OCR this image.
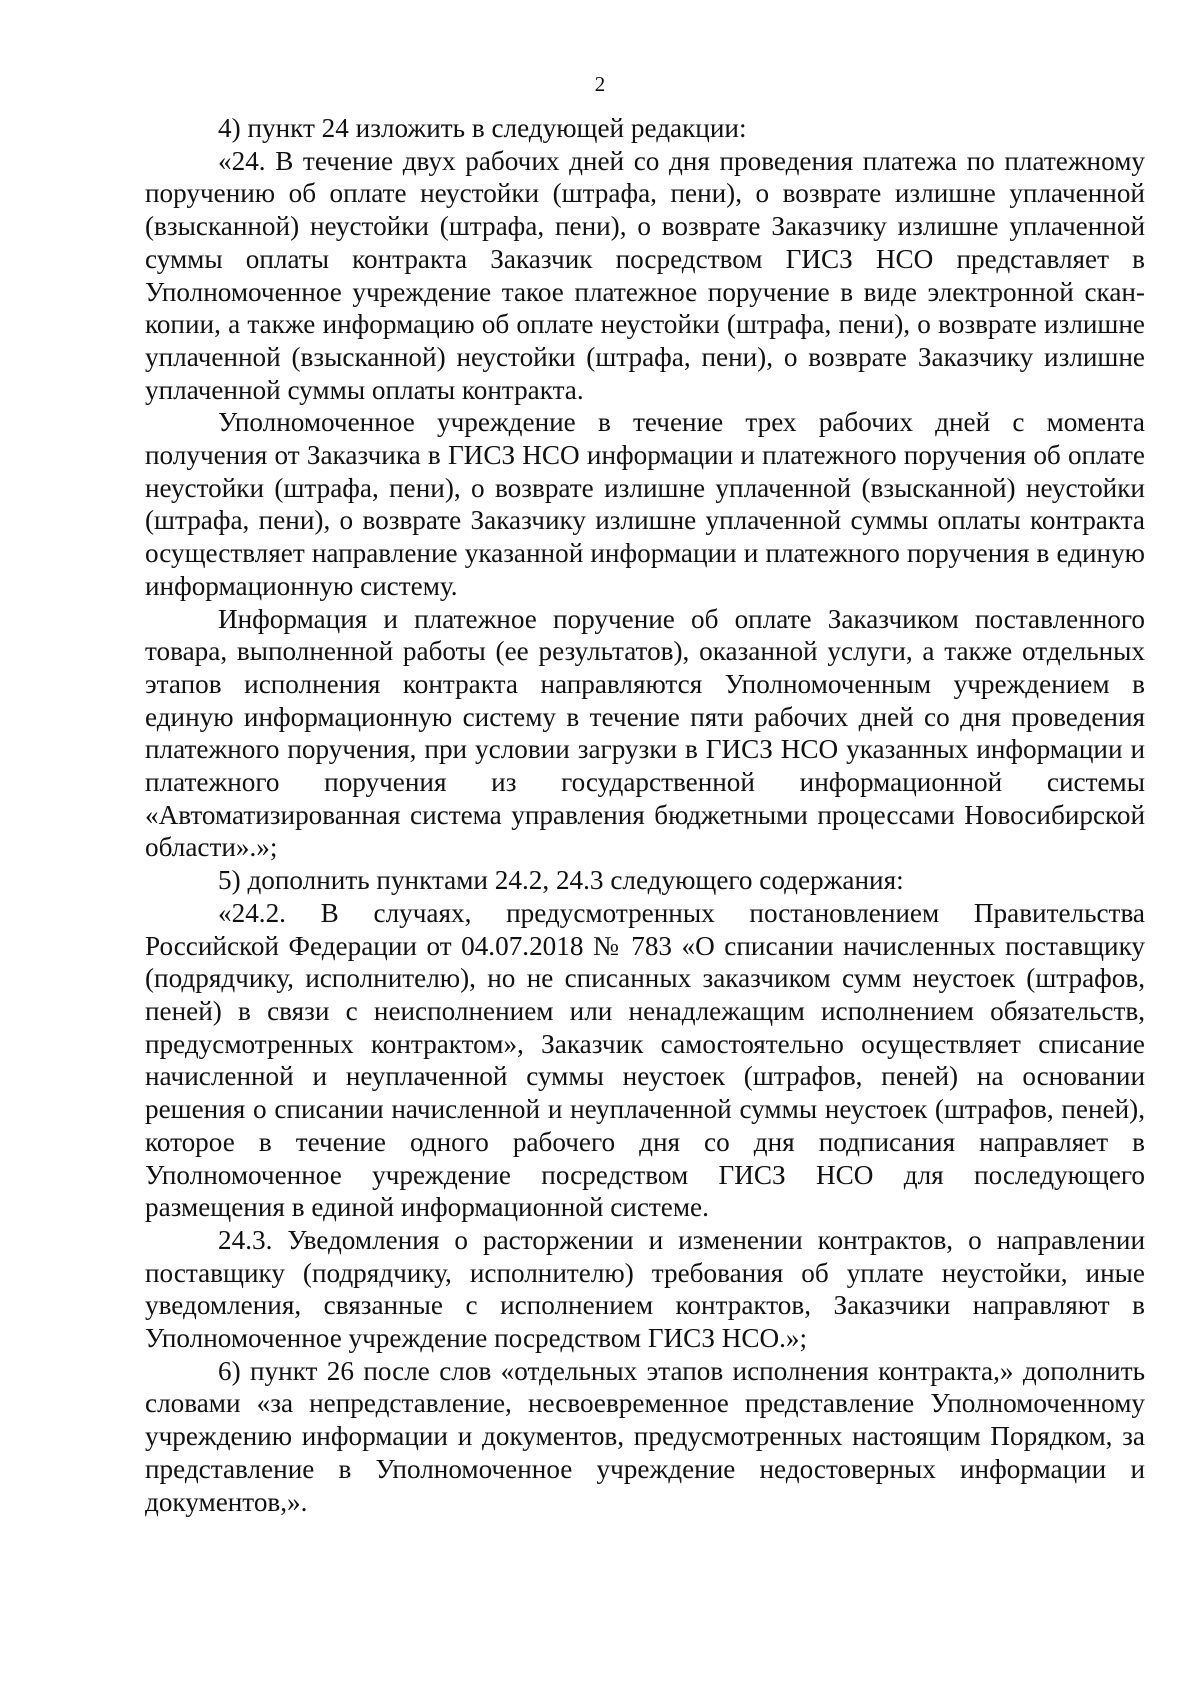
2

4) пункт 24 изложить в следующей редакции:

«24. В течение двух рабочих дней со дня проведения платежа по платежному поручению об оплате неустойки (штрафа, пени), о возврате излишне уплаченной (взысканной) неустойки (штрафа, пени), о возврате Заказчику излишне уплаченной суммы оплаты контракта Заказчик посредством ГИСЗ НСО представляет в Уполномоченное учреждение такое платежное поручение в виде электронной скан-копии, а также информацию об оплате неустойки (штрафа, пени), о возврате излишне уплаченной (взысканной) неустойки (штрафа, пени), о возврате Заказчику излишне уплаченной суммы оплаты контракта.

Уполномоченное учреждение в течение трех рабочих дней с момента получения от Заказчика в ГИСЗ НСО информации и платежного поручения об оплате неустойки (штрафа, пени), о возврате излишне уплаченной (взысканной) неустойки (штрафа, пени), о возврате Заказчику излишне уплаченной суммы оплаты контракта осуществляет направление указанной информации и платежного поручения в единую информационную систему.

Информация и платежное поручение об оплате Заказчиком поставленного товара, выполненной работы (ее результатов), оказанной услуги, а также отдельных этапов исполнения контракта направляются Уполномоченным учреждением в единую информационную систему в течение пяти рабочих дней со дня проведения платежного поручения, при условии загрузки в ГИСЗ НСО указанных информации и платежного поручения из государственной информационной системы «Автоматизированная система управления бюджетными процессами Новосибирской области».»;

5) дополнить пунктами 24.2, 24.3 следующего содержания:

«24.2. В случаях, предусмотренных постановлением Правительства Российской Федерации от 04.07.2018 № 783 «О списании начисленных поставщику (подрядчику, исполнителю), но не списанных заказчиком сумм неустоек (штрафов, пеней) в связи с неисполнением или ненадлежащим исполнением обязательств, предусмотренных контрактом», Заказчик самостоятельно осуществляет списание начисленной и неуплаченной суммы неустоек (штрафов, пеней) на основании решения о списании начисленной и неуплаченной суммы неустоек (штрафов, пеней), которое в течение одного рабочего дня со дня подписания направляет в Уполномоченное учреждение посредством ГИСЗ НСО для последующего размещения в единой информационной системе.

24.3. Уведомления о расторжении и изменении контрактов, о направлении поставщику (подрядчику, исполнителю) требования об уплате неустойки, иные уведомления, связанные с исполнением контрактов, Заказчики направляют в Уполномоченное учреждение посредством ГИСЗ НСО.»;

6) пункт 26 после слов «отдельных этапов исполнения контракта,» дополнить словами «за непредставление, несвоевременное представление Уполномоченному учреждению информации и документов, предусмотренных настоящим Порядком, за представление в Уполномоченное учреждение недостоверных информации и документов,».
